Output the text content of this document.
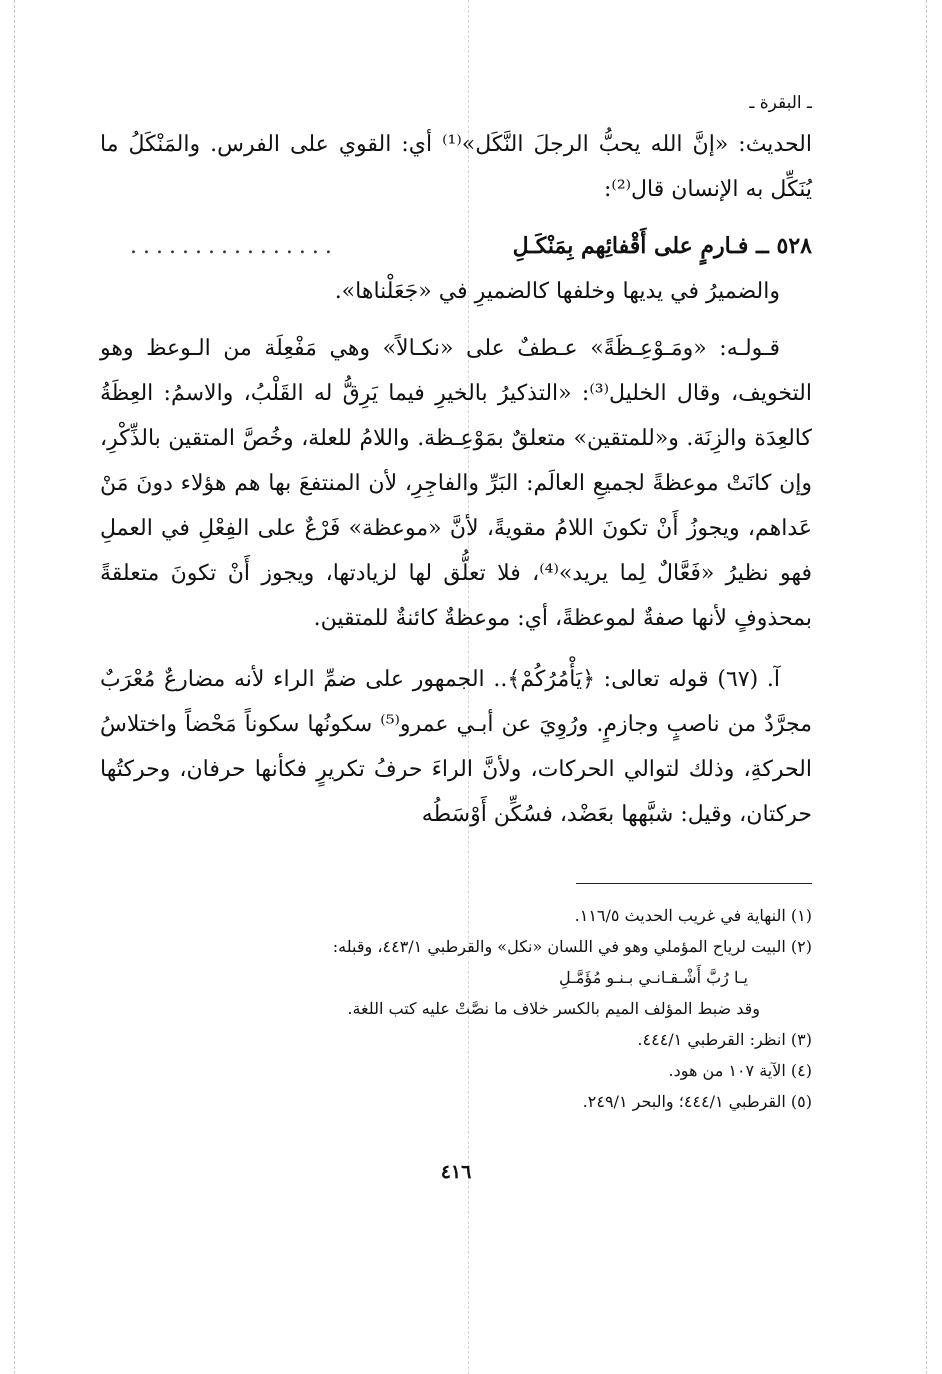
ـ البقرة ـ

الحديث: «إنَّ الله يحبُّ الرجلَ النَّكَل»⁽¹⁾ أي: القوي على الفرس. والمَنْكَلُ ما يُنَكِّل به الإنسان قال⁽²⁾:

٥٢٨ ــ فـارمٍ على أَقْفائِهم بِمَنْكَـلِ
................

والضميرُ في يديها وخلفها كالضميرِ في «جَعَلْناها».

قـولـه: «ومَـوْعِـظَةً» عـطفٌ على «نكـالاً» وهي مَفْعِلَة من الـوعظ وهو التخويف، وقال الخليل⁽³⁾: «التذكيرُ بالخيرِ فيما يَرِقُّ له القَلْبُ، والاسمُ: العِظَةُ كالعِدَة والزِنَة. و«للمتقين» متعلقٌ بمَوْعِـظة. واللامُ للعلة، وخُصَّ المتقين بالذِّكْرِ، وإن كانَتْ موعظةً لجميعِ العالَم: البَرِّ والفاجِرِ، لأن المنتفعَ بها هم هؤلاء دونَ مَنْ عَداهم، ويجوزُ أَنْ تكونَ اللامُ مقويةً، لأنَّ «موعظة» فَرْعٌ على الفِعْلِ في العملِ فهو نظيرُ «فَعَّالٌ لِما يريد»⁽⁴⁾، فلا تعلُّق لها لزيادتها، ويجوز أَنْ تكونَ متعلقةً بمحذوفٍ لأنها صفةٌ لموعظةً، أي: موعظةٌ كائنةٌ للمتقين.

آ. (٦٧) قوله تعالى: ﴿يَأْمُرُكُمْ﴾.. الجمهور على ضمِّ الراء لأنه مضارعٌ مُعْرَبٌ مجرَّدٌ من ناصبٍ وجازمٍ. ورُوِيَ عن أبـي عمرو⁽⁵⁾ سكونُها سكوناً مَحْضاً واختلاسُ الحركةِ، وذلك لتوالي الحركات، ولأنَّ الراءَ حرفُ تكريرٍ فكأنها حرفان، وحركتُها حركتان، وقيل: شبَّهها بعَضْد، فسُكِّن أَوْسَطُه

(١) النهاية في غريب الحديث ١١٦/٥.

(٢) البيت لرياح المؤملي وهو في اللسان «نكل» والقرطبي ٤٤٣/١، وقبله:

يـا رُبَّ أَشْـقـانـي بـنـو مُؤَمَّـلِ

وقد ضبط المؤلف الميم بالكسر خلاف ما نصَّتْ عليه كتب اللغة.

(٣) انظر: القرطبي ٤٤٤/١.

(٤) الآية ١٠٧ من هود.

(٥) القرطبي ٤٤٤/١؛ والبحر ٢٤٩/١.

٤١٦
